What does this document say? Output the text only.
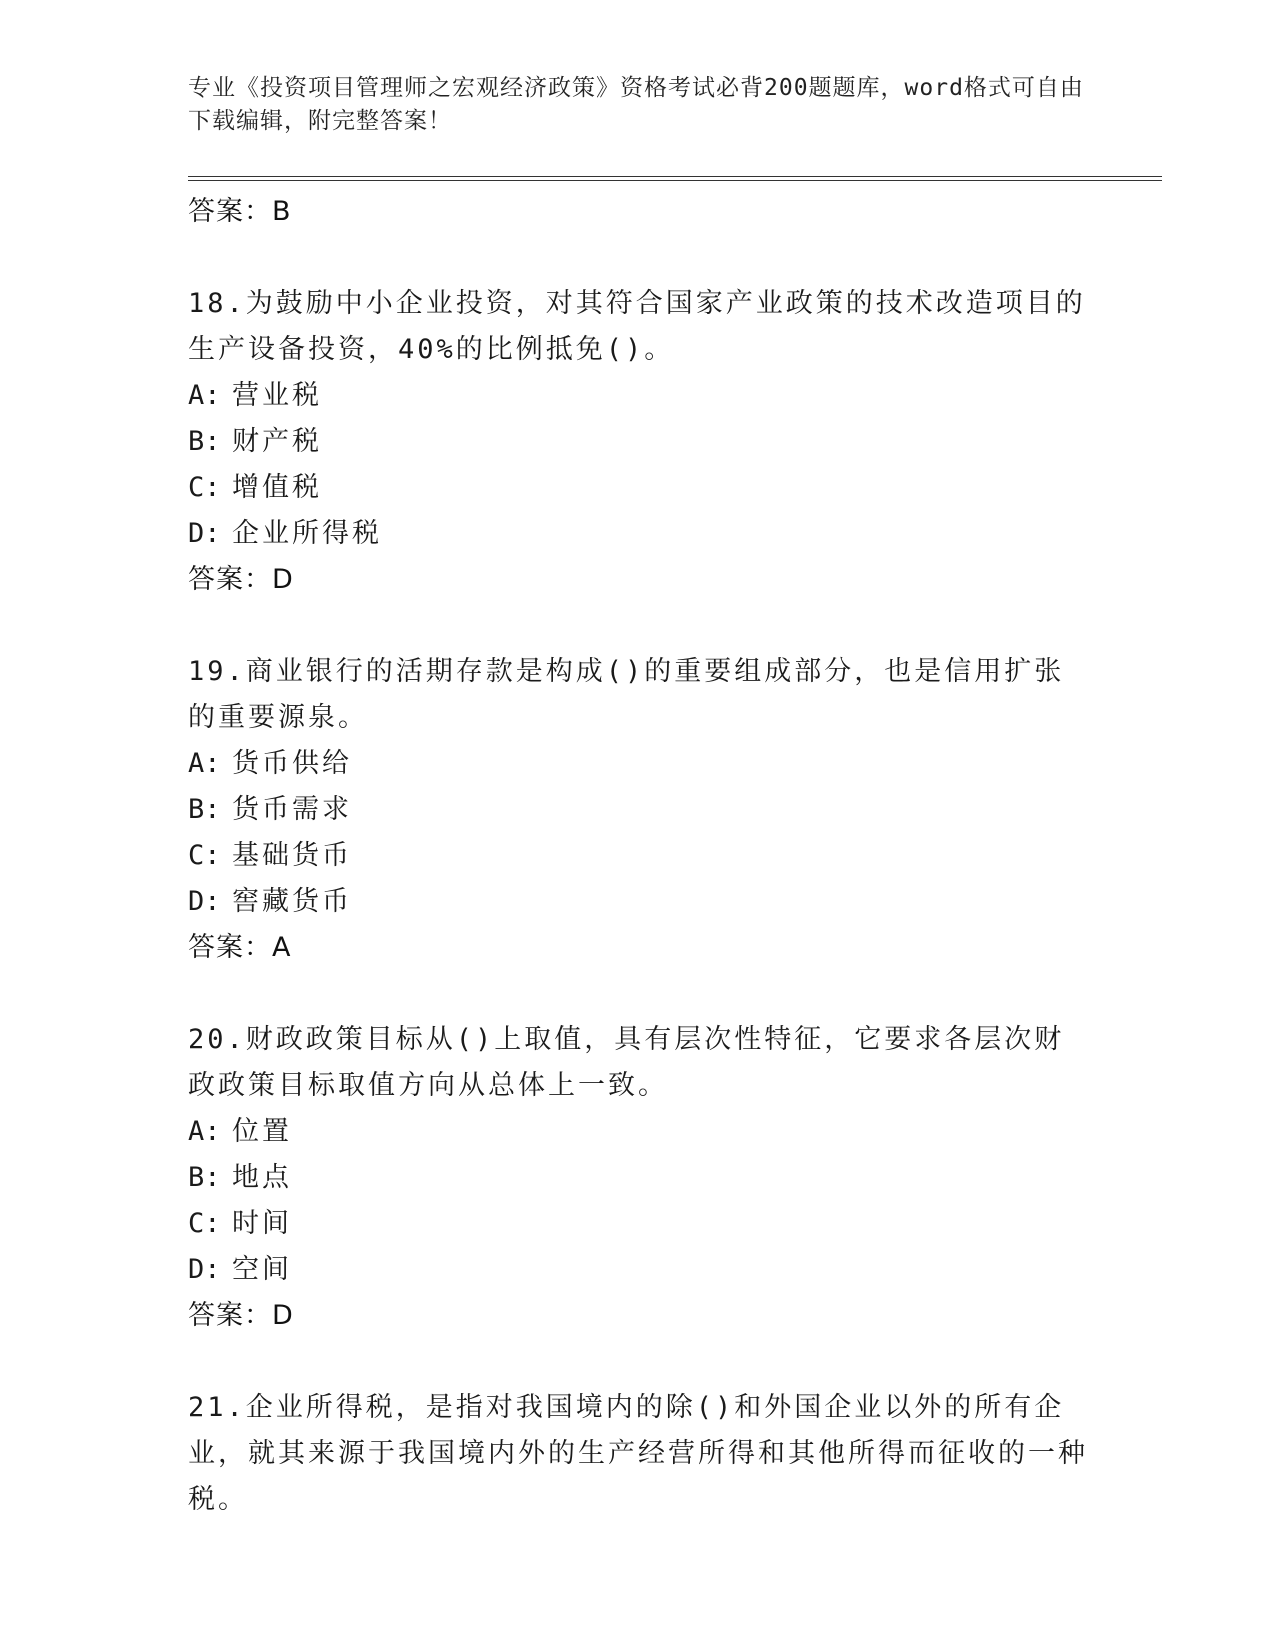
专业《投资项目管理师之宏观经济政策》资格考试必背200题题库，word格式可自由下载编辑，附完整答案！
答案：B
18.为鼓励中小企业投资，对其符合国家产业政策的技术改造项目的生产设备投资，40%的比例抵免()。
A: 营业税
B: 财产税
C: 增值税
D: 企业所得税
答案：D
19.商业银行的活期存款是构成()的重要组成部分，也是信用扩张的重要源泉。
A: 货币供给
B: 货币需求
C: 基础货币
D: 窖藏货币
答案：A
20.财政政策目标从()上取值，具有层次性特征，它要求各层次财政政策目标取值方向从总体上一致。
A: 位置
B: 地点
C: 时间
D: 空间
答案：D
21.企业所得税，是指对我国境内的除()和外国企业以外的所有企业，就其来源于我国境内外的生产经营所得和其他所得而征收的一种税。
